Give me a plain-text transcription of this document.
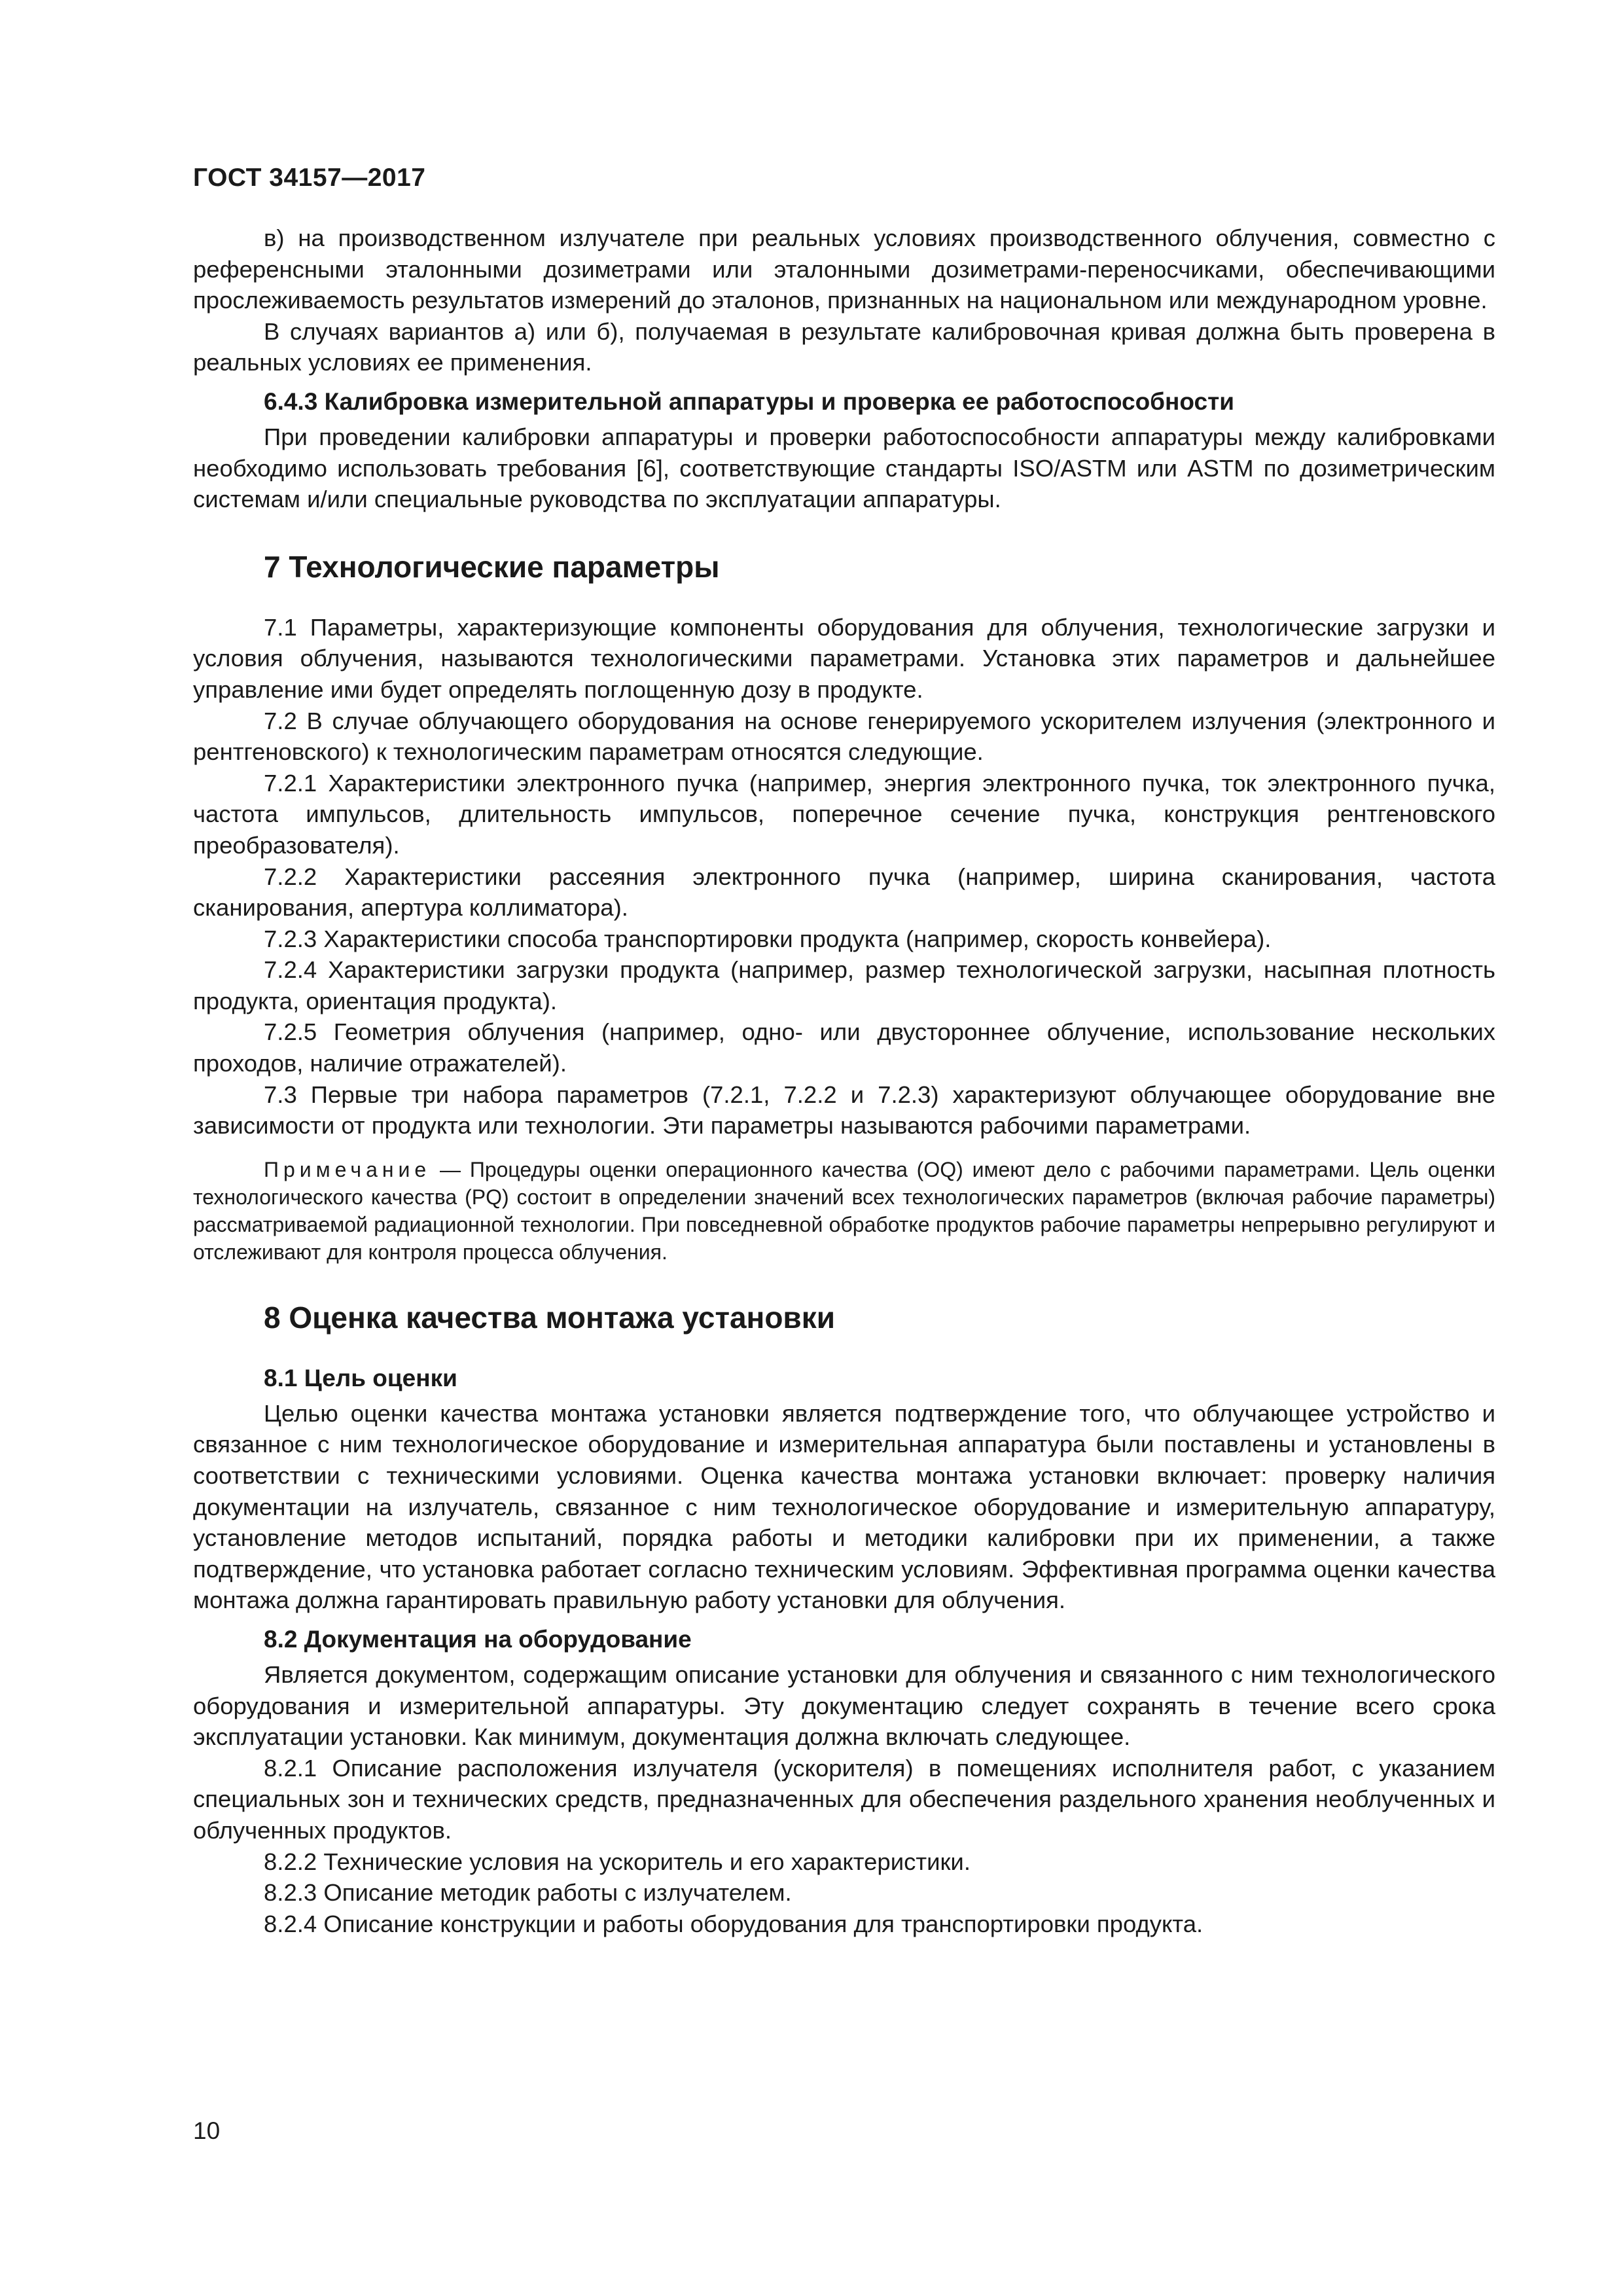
ГОСТ 34157—2017

в) на производственном излучателе при реальных условиях производственного облучения, совместно с референсными эталонными дозиметрами или эталонными дозиметрами-переносчиками, обеспечивающими прослеживаемость результатов измерений до эталонов, признанных на национальном или международном уровне.

В случаях вариантов а) или б), получаемая в результате калибровочная кривая должна быть проверена в реальных условиях ее применения.

6.4.3 Калибровка измерительной аппаратуры и проверка ее работоспособности

При проведении калибровки аппаратуры и проверки работоспособности аппаратуры между калибровками необходимо использовать требования [6], соответствующие стандарты ISO/ASTM или ASTM по дозиметрическим системам и/или специальные руководства по эксплуатации аппаратуры.

7 Технологические параметры

7.1 Параметры, характеризующие компоненты оборудования для облучения, технологические загрузки и условия облучения, называются технологическими параметрами. Установка этих параметров и дальнейшее управление ими будет определять поглощенную дозу в продукте.

7.2 В случае облучающего оборудования на основе генерируемого ускорителем излучения (электронного и рентгеновского) к технологическим параметрам относятся следующие.

7.2.1 Характеристики электронного пучка (например, энергия электронного пучка, ток электронного пучка, частота импульсов, длительность импульсов, поперечное сечение пучка, конструкция рентгеновского преобразователя).

7.2.2 Характеристики рассеяния электронного пучка (например, ширина сканирования, частота сканирования, апертура коллиматора).

7.2.3 Характеристики способа транспортировки продукта (например, скорость конвейера).

7.2.4 Характеристики загрузки продукта (например, размер технологической загрузки, насыпная плотность продукта, ориентация продукта).

7.2.5 Геометрия облучения (например, одно- или двустороннее облучение, использование нескольких проходов, наличие отражателей).

7.3 Первые три набора параметров (7.2.1, 7.2.2 и 7.2.3) характеризуют облучающее оборудование вне зависимости от продукта или технологии. Эти параметры называются рабочими параметрами.

Примечание — Процедуры оценки операционного качества (OQ) имеют дело с рабочими параметрами. Цель оценки технологического качества (PQ) состоит в определении значений всех технологических параметров (включая рабочие параметры) рассматриваемой радиационной технологии. При повседневной обработке продуктов рабочие параметры непрерывно регулируют и отслеживают для контроля процесса облучения.

8 Оценка качества монтажа установки
8.1 Цель оценки

Целью оценки качества монтажа установки является подтверждение того, что облучающее устройство и связанное с ним технологическое оборудование и измерительная аппаратура были поставлены и установлены в соответствии с техническими условиями. Оценка качества монтажа установки включает: проверку наличия документации на излучатель, связанное с ним технологическое оборудование и измерительную аппаратуру, установление методов испытаний, порядка работы и методики калибровки при их применении, а также подтверждение, что установка работает согласно техническим условиям. Эффективная программа оценки качества монтажа должна гарантировать правильную работу установки для облучения.

8.2 Документация на оборудование

Является документом, содержащим описание установки для облучения и связанного с ним технологического оборудования и измерительной аппаратуры. Эту документацию следует сохранять в течение всего срока эксплуатации установки. Как минимум, документация должна включать следующее.

8.2.1 Описание расположения излучателя (ускорителя) в помещениях исполнителя работ, с указанием специальных зон и технических средств, предназначенных для обеспечения раздельного хранения необлученных и облученных продуктов.

8.2.2 Технические условия на ускоритель и его характеристики.

8.2.3 Описание методик работы с излучателем.

8.2.4 Описание конструкции и работы оборудования для транспортировки продукта.

10
